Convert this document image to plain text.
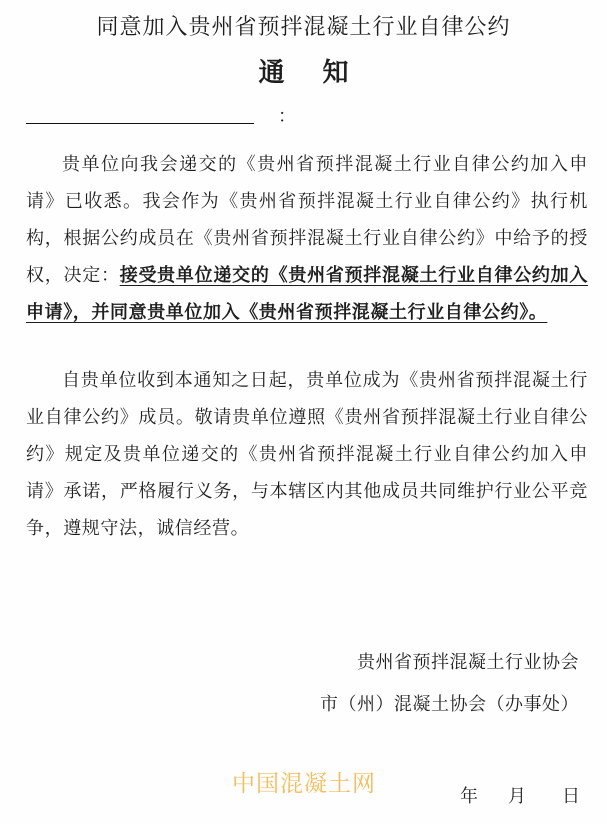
同意加入贵州省预拌混凝土行业自律公约
通知
：

贵单位向我会递交的《贵州省预拌混凝土行业自律公约加入申请》已收悉。我会作为《贵州省预拌混凝土行业自律公约》执行机构，根据公约成员在《贵州省预拌混凝土行业自律公约》中给予的授权，决定：接受贵单位递交的《贵州省预拌混凝土行业自律公约加入申请》，并同意贵单位加入《贵州省预拌混凝土行业自律公约》。

自贵单位收到本通知之日起，贵单位成为《贵州省预拌混凝土行业自律公约》成员。敬请贵单位遵照《贵州省预拌混凝土行业自律公约》规定及贵单位递交的《贵州省预拌混凝土行业自律公约加入申请》承诺，严格履行义务，与本辖区内其他成员共同维护行业公平竞争，遵规守法，诚信经营。

贵州省预拌混凝土行业协会
市（州）混凝土协会（办事处）
中国混凝土网	年 月 日
